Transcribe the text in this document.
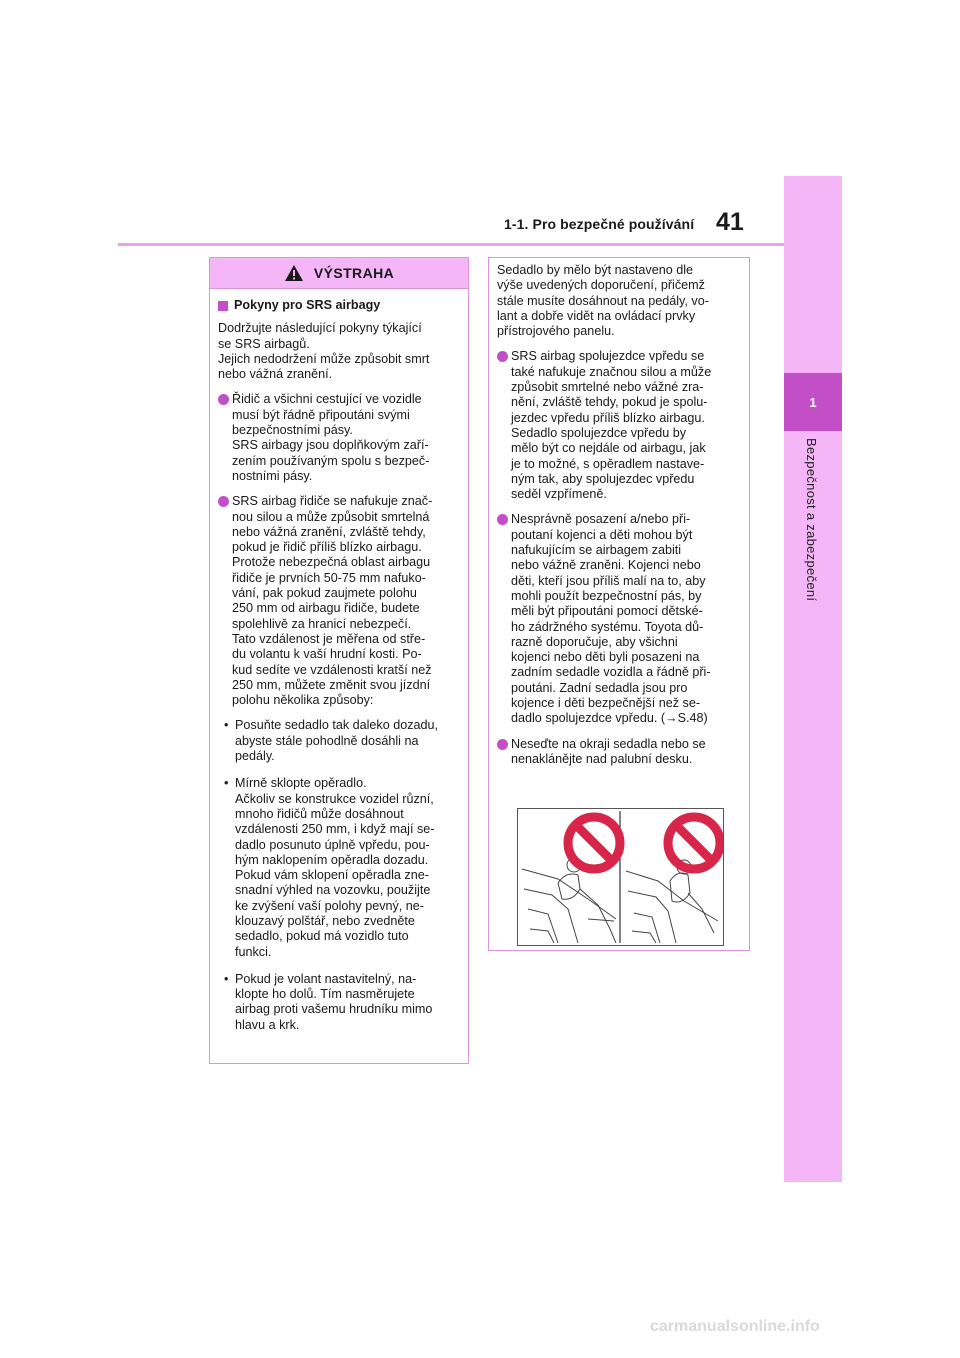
1-1. Pro bezpečné používání 41
1
Bezpečnost a zabezpečení
VÝSTRAHA
Pokyny pro SRS airbagy

Dodržujte následující pokyny týkající
se SRS airbagů.
Jejich nedodržení může způsobit smrt
nebo vážná zranění.

Řidič a všichni cestující ve vozidle
musí být řádně připoutáni svými
bezpečnostními pásy.
SRS airbagy jsou doplňkovým zaří-
zením používaným spolu s bezpeč-
nostními pásy.
SRS airbag řidiče se nafukuje znač-
nou silou a může způsobit smrtelná
nebo vážná zranění, zvláště tehdy,
pokud je řidič příliš blízko airbagu.
Protože nebezpečná oblast airbagu
řidiče je prvních 50-75 mm nafuko-
vání, pak pokud zaujmete polohu
250 mm od airbagu řidiče, budete
spolehlivě za hranicí nebezpečí.
Tato vzdálenost je měřena od stře-
du volantu k vaší hrudní kosti. Po-
kud sedíte ve vzdálenosti kratší než
250 mm, můžete změnit svou jízdní
polohu několika způsoby:
• Posuňte sedadlo tak daleko dozadu,
abyste stále pohodlně dosáhli na
pedály.
• Mírně sklopte opěradlo.
Ačkoliv se konstrukce vozidel různí,
mnoho řidičů může dosáhnout
vzdálenosti 250 mm, i když mají se-
dadlo posunuto úplně vpředu, pou-
hým naklopením opěradla dozadu.
Pokud vám sklopení opěradla zne-
snadní výhled na vozovku, použijte
ke zvýšení vaší polohy pevný, ne-
klouzavý polštář, nebo zvedněte
sedadlo, pokud má vozidlo tuto
funkci.
• Pokud je volant nastavitelný, na-
klopte ho dolů. Tím nasměrujete
airbag proti vašemu hrudníku mimo
hlavu a krk.

Sedadlo by mělo být nastaveno dle
výše uvedených doporučení, přičemž
stále musíte dosáhnout na pedály, vo-
lant a dobře vidět na ovládací prvky
přístrojového panelu.

SRS airbag spolujezdce vpředu se
také nafukuje značnou silou a může
způsobit smrtelné nebo vážné zra-
nění, zvláště tehdy, pokud je spolu-
jezdec vpředu příliš blízko airbagu.
Sedadlo spolujezdce vpředu by
mělo být co nejdále od airbagu, jak
je to možné, s opěradlem nastave-
ným tak, aby spolujezdec vpředu
seděl vzpřímeně.
Nesprávně posazení a/nebo při-
poutaní kojenci a děti mohou být
nafukujícím se airbagem zabiti
nebo vážně zraněni. Kojenci nebo
děti, kteří jsou příliš malí na to, aby
mohli použít bezpečnostní pás, by
měli být připoutáni pomocí dětské-
ho zádržného systému. Toyota dů-
razně doporučuje, aby všichni
kojenci nebo děti byli posazeni na
zadním sedadle vozidla a řádně při-
poutáni. Zadní sedadla jsou pro
kojence i děti bezpečnější než se-
dadlo spolujezdce vpředu. (→S.48)
Neseďte na okraji sedadla nebo se
nenaklánějte nad palubní desku.
carmanualsonline.info
